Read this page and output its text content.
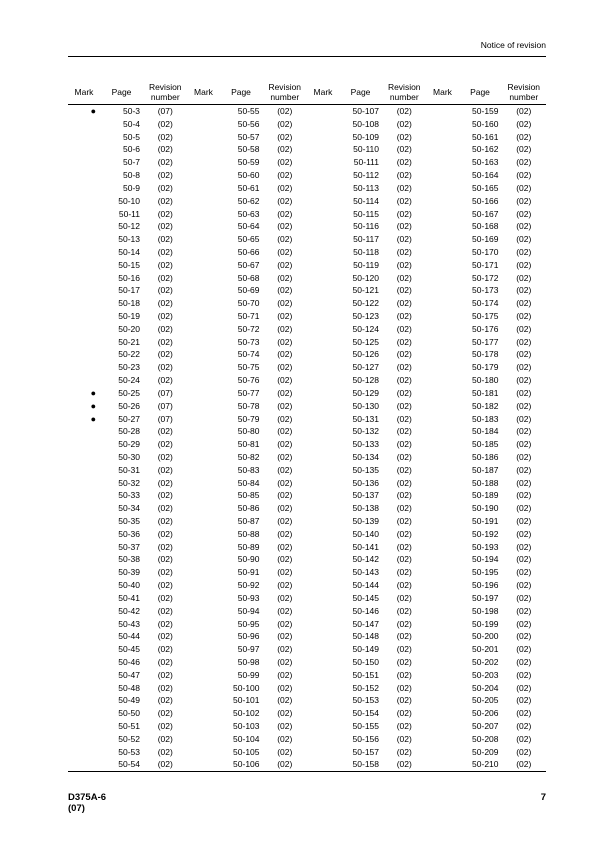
Notice of revision
Mark	Page	Revision number	Mark	Page	Revision number	Mark	Page	Revision number	Mark	Page	Revision number
●	50-3	(07)		50-55	(02)		50-107	(02)		50-159	(02)
	50-4	(02)		50-56	(02)		50-108	(02)		50-160	(02)
	50-5	(02)		50-57	(02)		50-109	(02)		50-161	(02)
	50-6	(02)		50-58	(02)		50-110	(02)		50-162	(02)
	50-7	(02)		50-59	(02)		50-111	(02)		50-163	(02)
	50-8	(02)		50-60	(02)		50-112	(02)		50-164	(02)
	50-9	(02)		50-61	(02)		50-113	(02)		50-165	(02)
	50-10	(02)		50-62	(02)		50-114	(02)		50-166	(02)
	50-11	(02)		50-63	(02)		50-115	(02)		50-167	(02)
	50-12	(02)		50-64	(02)		50-116	(02)		50-168	(02)
	50-13	(02)		50-65	(02)		50-117	(02)		50-169	(02)
	50-14	(02)		50-66	(02)		50-118	(02)		50-170	(02)
	50-15	(02)		50-67	(02)		50-119	(02)		50-171	(02)
	50-16	(02)		50-68	(02)		50-120	(02)		50-172	(02)
	50-17	(02)		50-69	(02)		50-121	(02)		50-173	(02)
	50-18	(02)		50-70	(02)		50-122	(02)		50-174	(02)
	50-19	(02)		50-71	(02)		50-123	(02)		50-175	(02)
	50-20	(02)		50-72	(02)		50-124	(02)		50-176	(02)
	50-21	(02)		50-73	(02)		50-125	(02)		50-177	(02)
	50-22	(02)		50-74	(02)		50-126	(02)		50-178	(02)
	50-23	(02)		50-75	(02)		50-127	(02)		50-179	(02)
	50-24	(02)		50-76	(02)		50-128	(02)		50-180	(02)
●	50-25	(07)		50-77	(02)		50-129	(02)		50-181	(02)
●	50-26	(07)		50-78	(02)		50-130	(02)		50-182	(02)
●	50-27	(07)		50-79	(02)		50-131	(02)		50-183	(02)
	50-28	(02)		50-80	(02)		50-132	(02)		50-184	(02)
	50-29	(02)		50-81	(02)		50-133	(02)		50-185	(02)
	50-30	(02)		50-82	(02)		50-134	(02)		50-186	(02)
	50-31	(02)		50-83	(02)		50-135	(02)		50-187	(02)
	50-32	(02)		50-84	(02)		50-136	(02)		50-188	(02)
	50-33	(02)		50-85	(02)		50-137	(02)		50-189	(02)
	50-34	(02)		50-86	(02)		50-138	(02)		50-190	(02)
	50-35	(02)		50-87	(02)		50-139	(02)		50-191	(02)
	50-36	(02)		50-88	(02)		50-140	(02)		50-192	(02)
	50-37	(02)		50-89	(02)		50-141	(02)		50-193	(02)
	50-38	(02)		50-90	(02)		50-142	(02)		50-194	(02)
	50-39	(02)		50-91	(02)		50-143	(02)		50-195	(02)
	50-40	(02)		50-92	(02)		50-144	(02)		50-196	(02)
	50-41	(02)		50-93	(02)		50-145	(02)		50-197	(02)
	50-42	(02)		50-94	(02)		50-146	(02)		50-198	(02)
	50-43	(02)		50-95	(02)		50-147	(02)		50-199	(02)
	50-44	(02)		50-96	(02)		50-148	(02)		50-200	(02)
	50-45	(02)		50-97	(02)		50-149	(02)		50-201	(02)
	50-46	(02)		50-98	(02)		50-150	(02)		50-202	(02)
	50-47	(02)		50-99	(02)		50-151	(02)		50-203	(02)
	50-48	(02)		50-100	(02)		50-152	(02)		50-204	(02)
	50-49	(02)		50-101	(02)		50-153	(02)		50-205	(02)
	50-50	(02)		50-102	(02)		50-154	(02)		50-206	(02)
	50-51	(02)		50-103	(02)		50-155	(02)		50-207	(02)
	50-52	(02)		50-104	(02)		50-156	(02)		50-208	(02)
	50-53	(02)		50-105	(02)		50-157	(02)		50-209	(02)
	50-54	(02)		50-106	(02)		50-158	(02)		50-210	(02)
D375A-6
(07)
7
